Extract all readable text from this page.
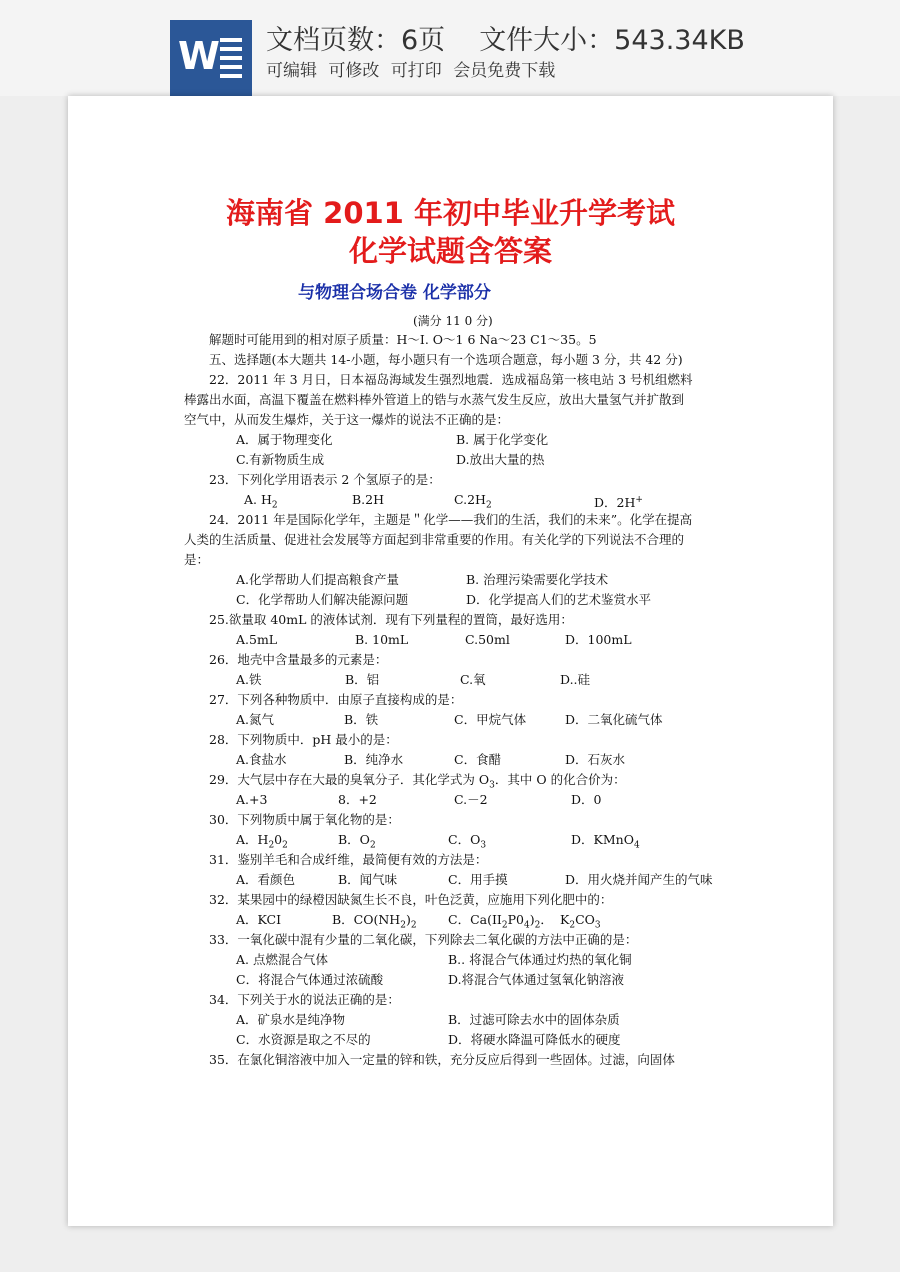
W 文档页数：6页 文件大小：543.34KB
可编辑 可修改 可打印 会员免费下载
海南省 2011 年初中毕业升学考试
化学试题含答案
与物理合场合卷 化学部分
(满分 11 0 分)
解题时可能用到的相对原子质量：H～I. O～1 6 Na～23 C1～35。5
五、选择题(本大题共 14-小题，每小题只有一个选项合题意，每小题 3 分，共 42 分)
22．2011 年 3 月日，日本福岛海域发生强烈地震．选成福岛第一核电站 3 号机组燃料
棒露出水面，高温下覆盖在燃料棒外管道上的锆与水蒸气发生反应，放出大量氢气并扩散到
空气中，从而发生爆炸，关于这一爆炸的说法不正确的是：
A．属于物理变化	B. 属于化学变化
C.有新物质生成	D.放出大量的热
23．下列化学用语表示 2 个氢原子的是：
A. $H_2$	B.2H	$C.2H_2$	D．2H+
24．2011 年是国际化学年，主题是＂化学——我们的生活，我们的未来”。化学在提高
人类的生活质量、促进社会发展等方面起到非常重要的作用。有关化学的下列说法不合理的
是：
A.化学帮助人们提高粮食产量	B. 治理污染需要化学技术
C．化学帮助人们解决能源问题	D．化学提高人们的艺术鉴赏水平
25.欲量取 40mL 的液体试剂．现有下列量程的置筒，最好选用：
A.5mL	B. 10mL	C.50ml	D．100mL
26．地壳中含量最多的元素是：
A.铁	B．铝	C.氧	D..硅
27．下列各种物质中．由原子直接构成的是：
A.氮气	B．铁	C．甲烷气体	D．二氧化硫气体
28．下列物质中．pH 最小的是：
A.食盐水	B．纯净水	C．食醋	D．石灰水
29．大气层中存在大最的臭氧分子．其化学式为 $O_3$．其中 O 的化合价为：
A.+3	8．+2	C.－2	D．0
30．下列物质中属于氧化物的是：
A．$H_20_2$	B．$O_2$	C．$O_3$	D．KMnO$_4$
31．鉴别羊毛和合成纤维，最简便有效的方法是：
A．看颜色	B．闻气味	C．用手摸	D．用火烧并闻产生的气味
32．某果园中的绿橙因缺氮生长不良，叶色泛黄，应施用下列化肥中的：
A．KCI	B．$CO(NH_2)_2$	C．$Ca(II_2P0_4)_2$． $K_2CO_3$
33．一氧化碳中混有少量的二氧化碳，下列除去二氧化碳的方法中正确的是：
A. 点燃混合气体	B.. 将混合气体通过灼热的氧化铜
C．将混合气体通过浓硫酸	D.将混合气体通过氢氧化钠溶液
34．下列关于水的说法正确的是：
A．矿泉水是纯净物	B．过滤可除去水中的固体杂质
C．水资源是取之不尽的	D．将硬水降温可降低水的硬度
35．在氯化铜溶液中加入一定量的锌和铁，充分反应后得到一些固体。过滤，向固体
